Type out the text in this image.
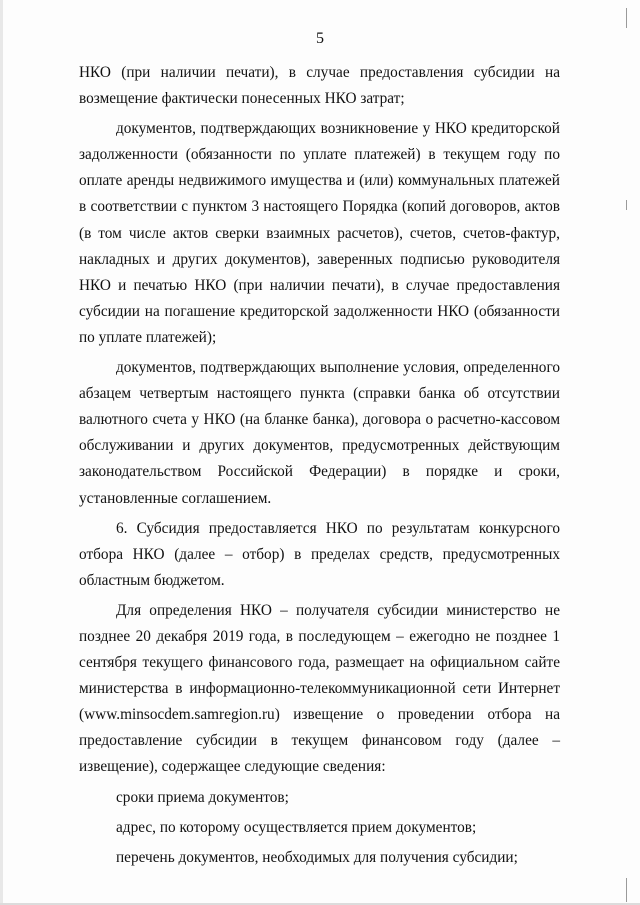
5

НКО (при наличии печати), в случае предоставления субсидии на возмещение фактически понесенных НКО затрат;

документов, подтверждающих возникновение у НКО кредиторской задолженности (обязанности по уплате платежей) в текущем году по оплате аренды недвижимого имущества и (или) коммунальных платежей в соответствии с пунктом 3 настоящего Порядка (копий договоров, актов (в том числе актов сверки взаимных расчетов), счетов, счетов-фактур, накладных и других документов), заверенных подписью руководителя НКО и печатью НКО (при наличии печати), в случае предоставления субсидии на погашение кредиторской задолженности НКО (обязанности по уплате платежей);

документов, подтверждающих выполнение условия, определенного абзацем четвертым настоящего пункта (справки банка об отсутствии валютного счета у НКО (на бланке банка), договора о расчетно-кассовом обслуживании и других документов, предусмотренных действующим законодательством Российской Федерации) в порядке и сроки, установленные соглашением.

6. Субсидия предоставляется НКО по результатам конкурсного отбора НКО (далее – отбор) в пределах средств, предусмотренных областным бюджетом.

Для определения НКО – получателя субсидии министерство не позднее 20 декабря 2019 года, в последующем – ежегодно не позднее 1 сентября текущего финансового года, размещает на официальном сайте министерства в информационно-телекоммуникационной сети Интернет (www.minsocdem.samregion.ru) извещение о проведении отбора на предоставление субсидии в текущем финансовом году (далее – извещение), содержащее следующие сведения:

сроки приема документов;

адрес, по которому осуществляется прием документов;

перечень документов, необходимых для получения субсидии;
